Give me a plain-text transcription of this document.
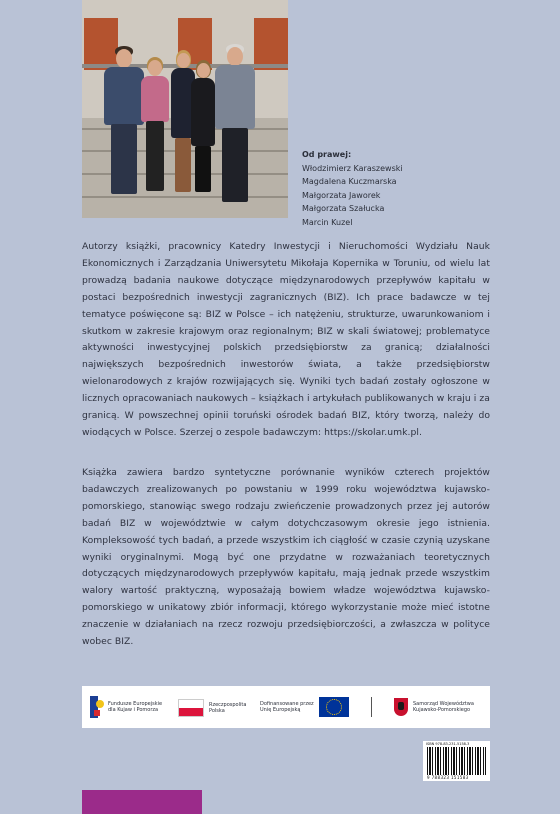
Od prawej:
Włodzimierz Karaszewski
Magdalena Kuczmarska
Małgorzata Jaworek
Małgorzata Szałucka
Marcin Kuzel
Autorzy książki, pracownicy Katedry Inwestycji i Nieruchomości Wydziału Nauk Ekonomicznych i Zarządzania Uniwersytetu Mikołaja Kopernika w Toruniu, od wielu lat prowadzą badania naukowe dotyczące międzynarodowych przepływów kapitału w postaci bezpośrednich inwestycji zagranicznych (BIZ). Ich prace badawcze w tej tematyce poświęcone są: BIZ w Polsce – ich natężeniu, strukturze, uwarunkowaniom i skutkom w zakresie krajowym oraz regionalnym; BIZ w skali światowej; problematyce aktywności inwestycyjnej polskich przedsiębiorstw za granicą; działalności największych bezpośrednich inwestorów świata, a także przedsiębiorstw wielonarodowych z krajów rozwijających się. Wyniki tych badań zostały ogłoszone w licznych opracowaniach naukowych – książkach i artykułach publikowanych w kraju i za granicą. W powszechnej opinii toruński ośrodek badań BIZ, który tworzą, należy do wiodących w Polsce. Szerzej o zespole badawczym: https://skolar.umk.pl.
Książka zawiera bardzo syntetyczne porównanie wyników czterech projektów badawczych zrealizowanych po powstaniu w 1999 roku województwa kujawsko-pomorskiego, stanowiąc swego rodzaju zwieńczenie prowadzonych przez jej autorów badań BIZ w województwie w całym dotychczasowym okresie jego istnienia. Kompleksowość tych badań, a przede wszystkim ich ciągłość w czasie czynią uzyskane wyniki oryginalnymi. Mogą być one przydatne w rozważaniach teoretycznych dotyczących międzynarodowych przepływów kapitału, mają jednak przede wszystkim walory wartość praktyczną, wyposażają bowiem władze województwa kujawsko-pomorskiego w unikatowy zbiór informacji, którego wykorzystanie może mieć istotne znaczenie w działaniach na rzecz rozwoju przedsiębiorczości, a zwłaszcza w polityce wobec BIZ.
Fundusze Europejskie
dla Kujaw i Pomorza
Rzeczpospolita
Polska
Dofinansowane przez
Unię Europejską
Samorząd Województwa
Kujawsko-Pomorskiego
ISBN 978-83-231-5158-3
9 788323 151583
